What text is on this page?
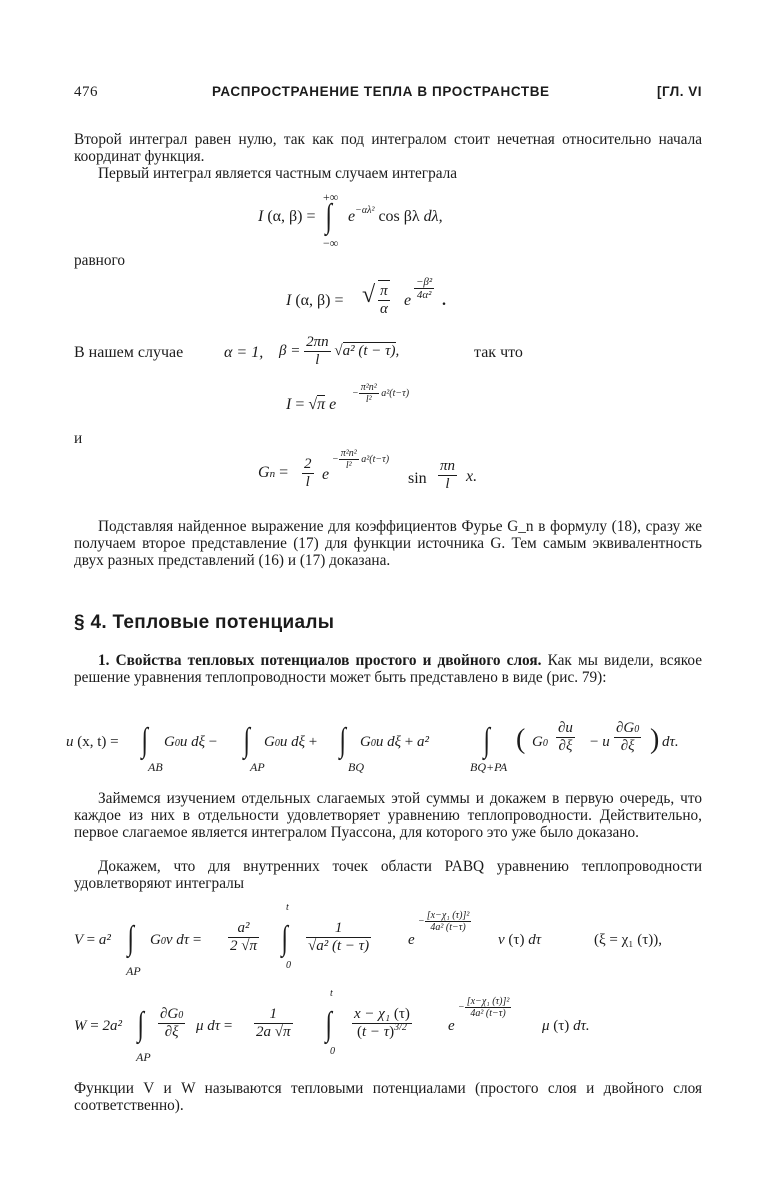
476	РАСПРОСТРАНЕНИЕ ТЕПЛА В ПРОСТРАНСТВЕ	[ГЛ. VI
Второй интеграл равен нулю, так как под интегралом стоит нечетная относительно начала координат функция.
Первый интеграл является частным случаем интеграла
+∞
I (α, β) = ∫ $e^{-\alpha\lambda^2}$ cos βλ dλ,
−∞
равного
I (α, β) = √ $\frac{\pi}{\alpha}$ e $\frac{\text{−β²}}{\text{4α²}}$ .
В нашем случае	α = 1, $\beta = \frac{2\pi n}{l} √a^2$ (t − τ),	так что
I = √π e
− $\frac{\text{π²n²}}{\text{l²}} a^2(t-\tau)$
и
$Gn = \frac{2}{l}$ e
− $\frac{\text{π²n²}}{\text{l²}} a^2(t-\tau)$
$\sin \frac{\pi n}{l} x$.
Подставляя найденное выражение для коэффициентов Фурье G_n в формулу (18), сразу же получаем второе представление (17) для функции источника G. Тем самым эквивалентность двух разных представлений (16) и (17) доказана.
§ 4. Тепловые потенциалы
1. Свойства тепловых потенциалов простого и двойного слоя. Как мы видели, всякое решение уравнения теплопроводности может быть представлено в виде (рис. 79):
u (x, t) = ∫ G0u dξ − ∫ G0u dξ + ∫ G0u dξ + a² ∫ ( $G0 \frac{\partial u}{\partial\xi} - u \frac{\partial G0}{\partial\xi}$ ) dτ.
AB	AP	BQ	BQ+PA
Займемся изучением отдельных слагаемых этой суммы и докажем в первую очередь, что каждое из них в отдельности удовлетворяет уравнению теплопроводности. Действительно, первое слагаемое является интегралом Пуассона, для которого это уже было доказано.
Докажем, что для внутренних точек области PABQ уравнению теплопроводности удовлетворяют интегралы
V = a² ∫ G0ν $d\tau = \frac{\text{a²}}{2 √\pi}$ ∫
t
0
$\frac{1}{\text{√a² (t − τ)}}$ e
− $\frac{\text{[x−χ₁ (τ)]²}}{\text{4a² (t−τ)}}$
ν (τ) dτ	(ξ = χ₁ (τ)),
AP
W = 2a² ∫ $\frac{\partial G0}{\partial\xi}$ μ $d\tau = \frac{1}{2a √\pi}$ ∫
t
0
$\frac{\text{x − χ₁ (τ)}}{(t - \tau)^{3/2}}$ e
− $\frac{\text{[x−χ₁ (τ)]²}}{\text{4a² (t−τ)}}$
μ (τ) dτ.
AP
Функции V и W называются тепловыми потенциалами (простого слоя и двойного слоя соответственно).
